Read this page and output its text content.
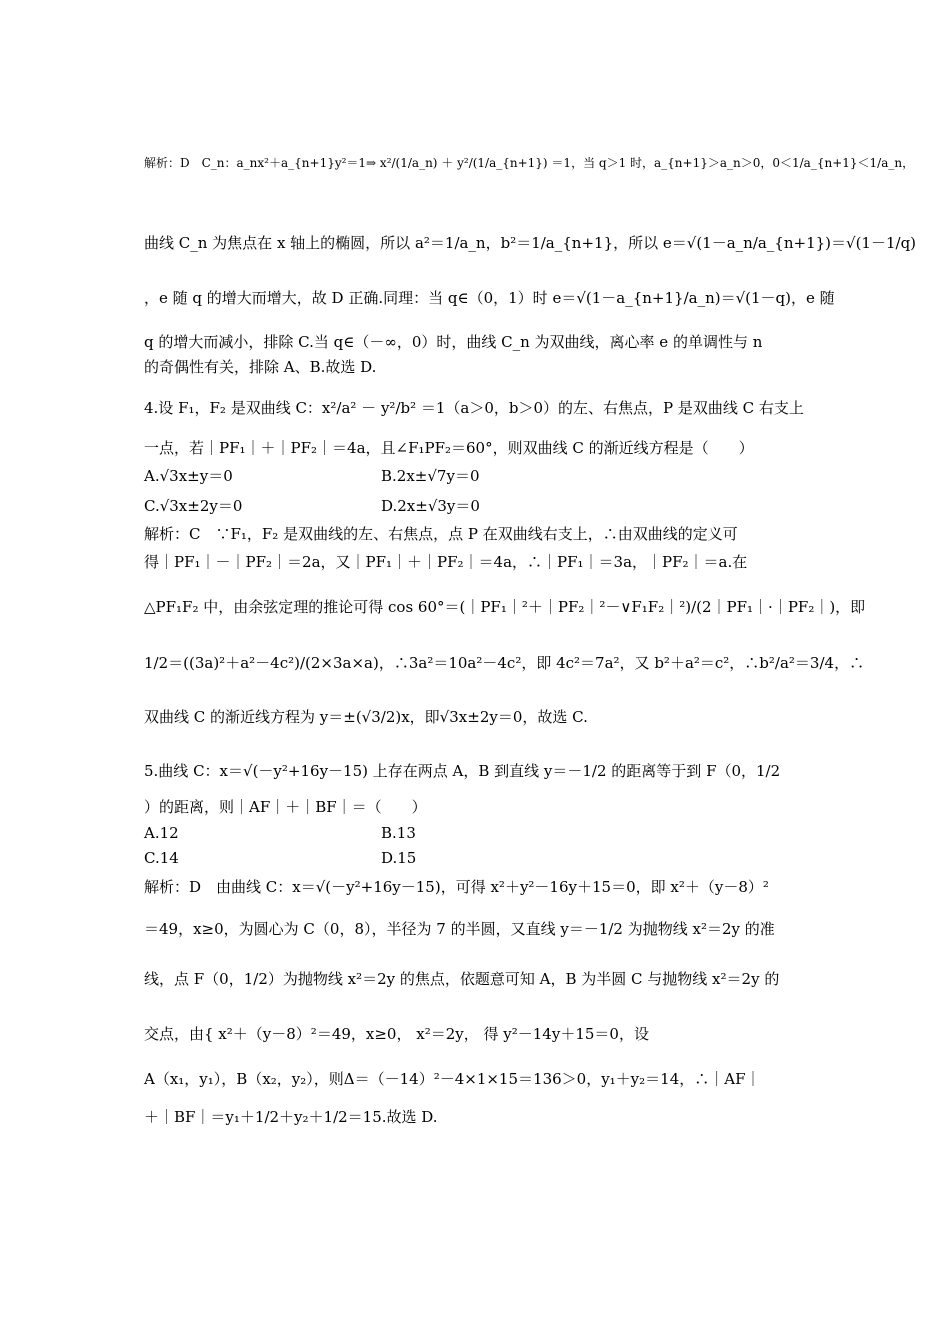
解析：D　C_n：a_nx²＋a_{n+1}y²＝1⇒ x²/(1/a_n) ＋ y²/(1/a_{n+1}) ＝1，当 q＞1 时，a_{n+1}＞a_n＞0，0＜1/a_{n+1}＜1/a_n，
曲线 C_n 为焦点在 x 轴上的椭圆，所以 a²＝1/a_n，b²＝1/a_{n+1}，所以 e＝√(1－a_n/a_{n+1})＝√(1－1/q)
，e 随 q 的增大而增大，故 D 正确.同理：当 q∈（0，1）时 e＝√(1－a_{n+1}/a_n)＝√(1－q)，e 随
q 的增大而减小，排除 C.当 q∈（－∞，0）时，曲线 C_n 为双曲线，离心率 e 的单调性与 n
的奇偶性有关，排除 A、B.故选 D.
4.设 F₁，F₂ 是双曲线 C：x²/a² － y²/b² ＝1（a＞0，b＞0）的左、右焦点，P 是双曲线 C 右支上
一点，若｜PF₁｜＋｜PF₂｜＝4a，且∠F₁PF₂＝60°，则双曲线 C 的渐近线方程是（　　）
A.√3x±y＝0	B.2x±√7y＝0
C.√3x±2y＝0	D.2x±√3y＝0
解析：C　∵F₁，F₂ 是双曲线的左、右焦点，点 P 在双曲线右支上，∴由双曲线的定义可
得｜PF₁｜－｜PF₂｜＝2a，又｜PF₁｜＋｜PF₂｜＝4a，∴｜PF₁｜＝3a，｜PF₂｜＝a.在
△PF₁F₂ 中，由余弦定理的推论可得 cos 60°＝(｜PF₁｜²＋｜PF₂｜²－∨F₁F₂｜²)/(2｜PF₁｜·｜PF₂｜)，即
1/2＝((3a)²＋a²－4c²)/(2×3a×a)，∴3a²＝10a²－4c²，即 4c²＝7a²，又 b²＋a²＝c²，∴b²/a²＝3/4，∴
双曲线 C 的渐近线方程为 y＝±(√3/2)x，即√3x±2y＝0，故选 C.
5.曲线 C：x＝√(－y²+16y－15) 上存在两点 A，B 到直线 y＝－1/2 的距离等于到 F（0，1/2
）的距离，则｜AF｜＋｜BF｜＝（　　）
A.12	B.13
C.14	D.15
解析：D　由曲线 C：x＝√(－y²+16y－15)，可得 x²＋y²－16y＋15＝0，即 x²＋（y－8）²
＝49，x≥0，为圆心为 C（0，8），半径为 7 的半圆，又直线 y＝－1/2 为抛物线 x²＝2y 的准
线，点 F（0，1/2）为抛物线 x²＝2y 的焦点，依题意可知 A，B 为半圆 C 与抛物线 x²＝2y 的
交点，由{ x²＋（y－8）²＝49，x≥0， x²＝2y， 得 y²－14y＋15＝0，设
A（x₁，y₁），B（x₂，y₂），则Δ＝（－14）²－4×1×15＝136＞0，y₁＋y₂＝14，∴｜AF｜
＋｜BF｜＝y₁＋1/2＋y₂＋1/2＝15.故选 D.
